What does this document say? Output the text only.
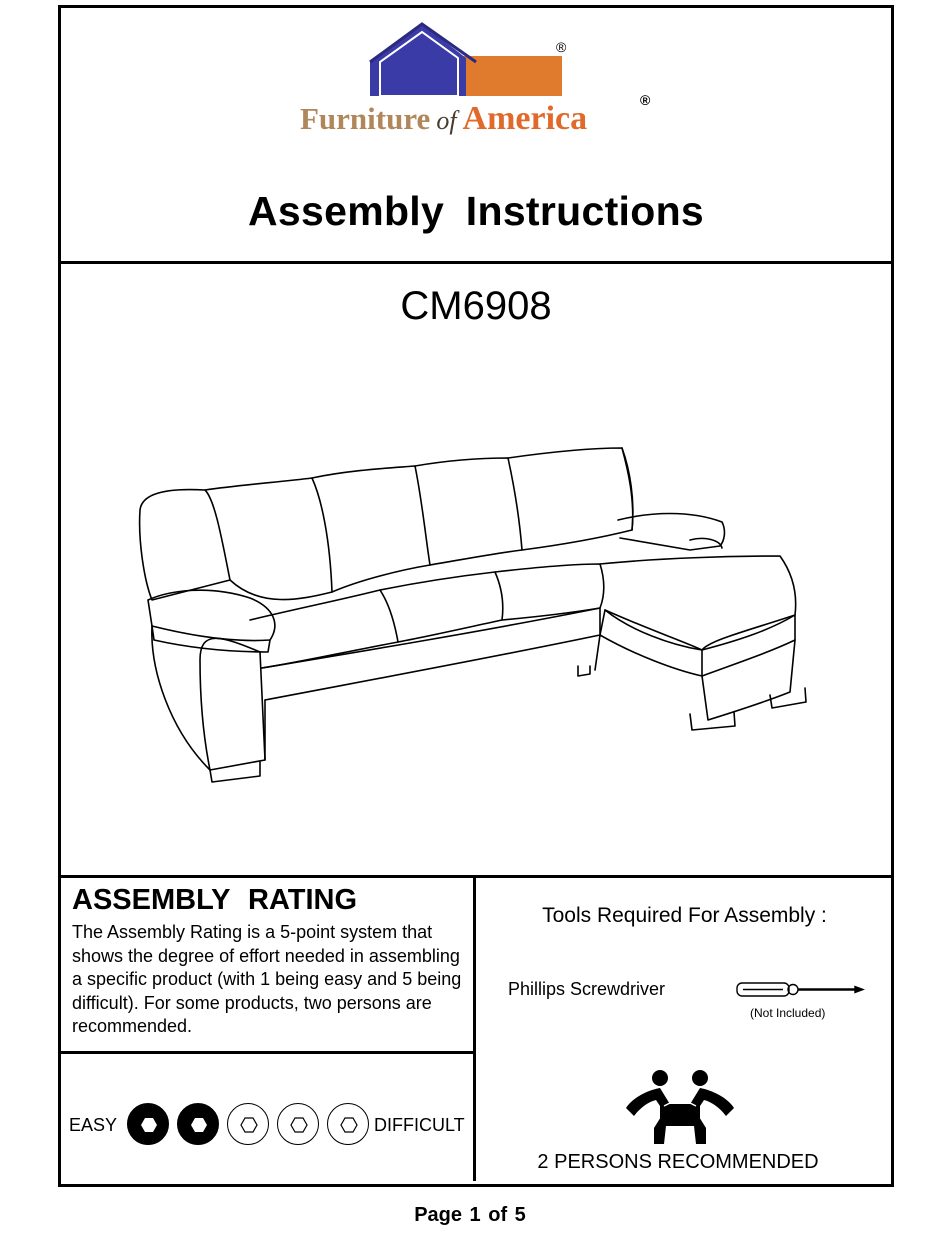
®
Furniture of America	®
Assembly Instructions
CM6908
ASSEMBLY RATING
The Assembly Rating is a 5-point system that shows the degree of effort needed in assembling a specific product (with 1 being easy and 5 being difficult). For some products, two persons are recommended.
Tools Required For Assembly :
Phillips Screwdriver
(Not Included)
EASY	DIFFICULT
2 PERSONS RECOMMENDED
Page 1 of 5
